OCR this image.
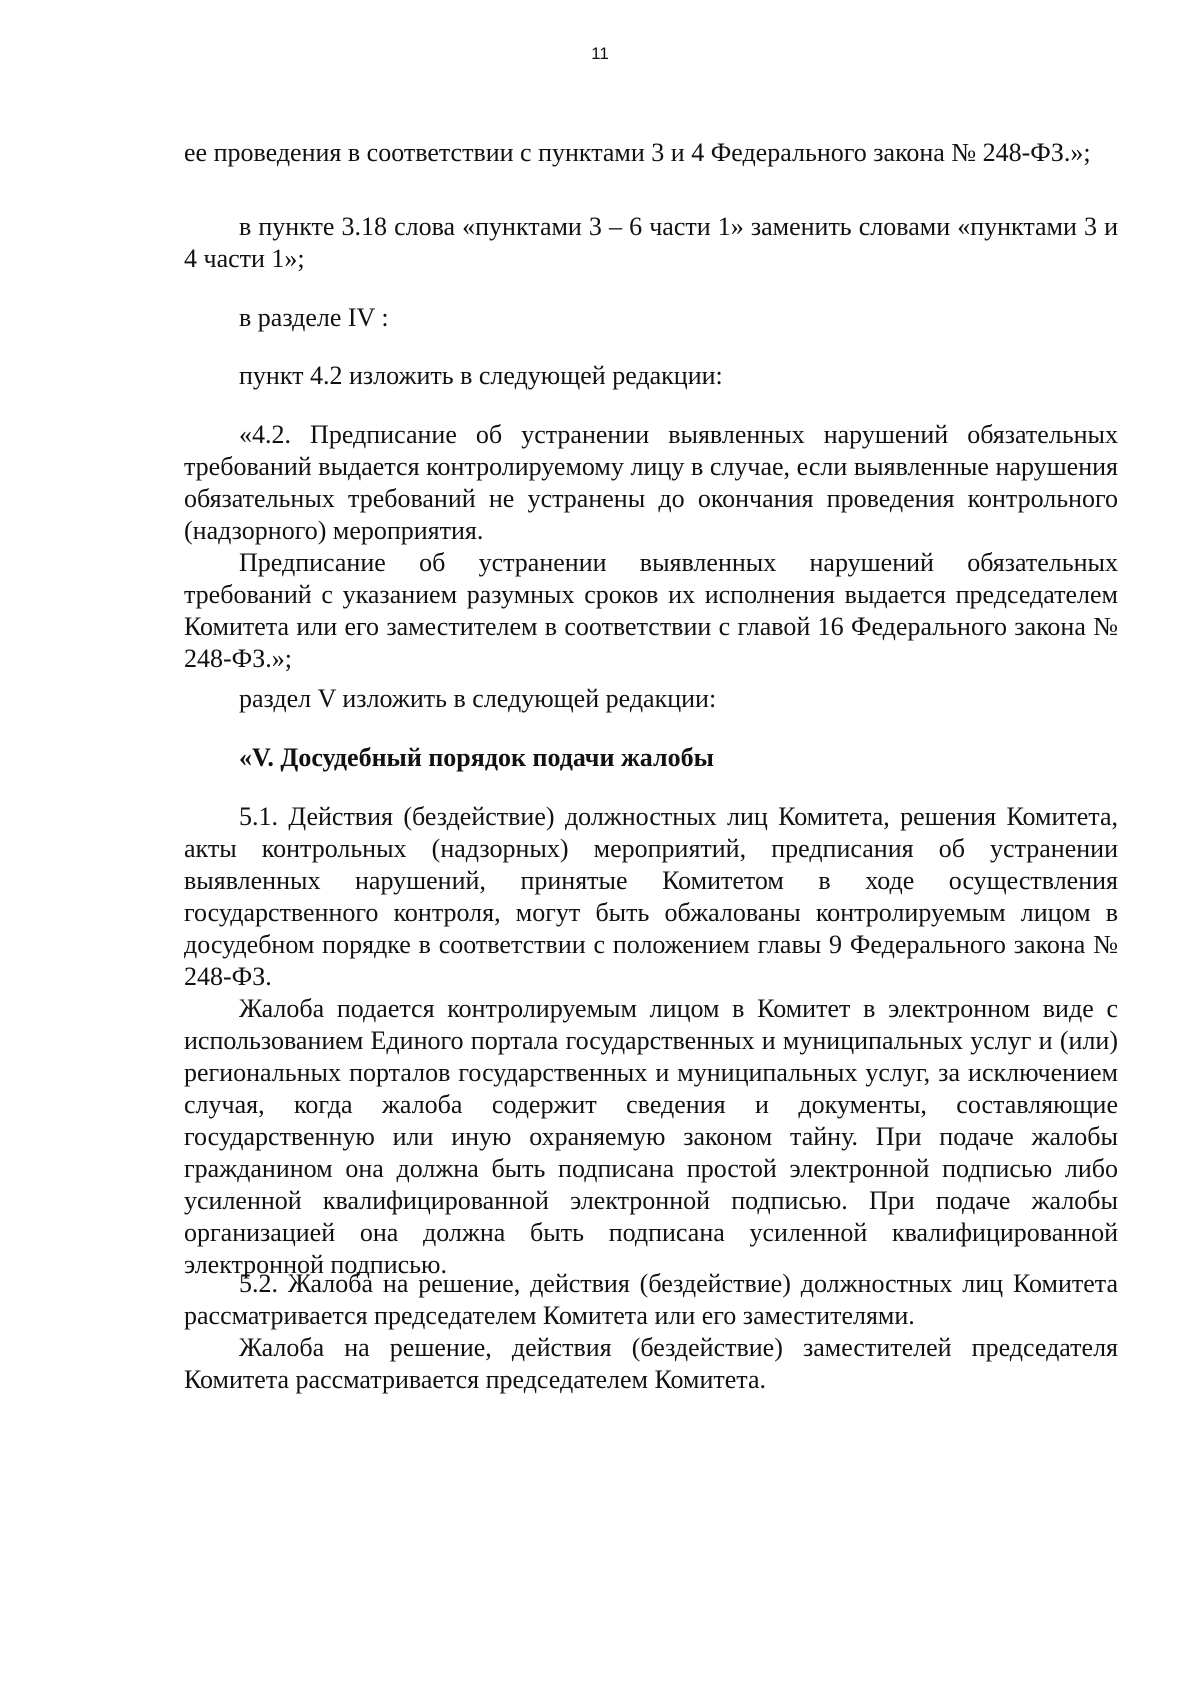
11

ее проведения в соответствии с пунктами 3 и 4 Федерального закона № 248-ФЗ.»;

в пункте 3.18 слова «пунктами 3 – 6 части 1» заменить словами «пунктами 3 и 4 части 1»;

в разделе IV :

пункт 4.2 изложить в следующей редакции:

«4.2. Предписание об устранении выявленных нарушений обязательных требований выдается контролируемому лицу в случае, если выявленные нарушения обязательных требований не устранены до окончания проведения контрольного (надзорного) мероприятия.

Предписание об устранении выявленных нарушений обязательных требований с указанием разумных сроков их исполнения выдается председателем Комитета или его заместителем в соответствии с главой 16 Федерального закона № 248-ФЗ.»;

раздел V изложить в следующей редакции:

«V. Досудебный порядок подачи жалобы

5.1. Действия (бездействие) должностных лиц Комитета, решения Комитета, акты контрольных (надзорных) мероприятий, предписания об устранении выявленных нарушений, принятые Комитетом в ходе осуществления государственного контроля, могут быть обжалованы контролируемым лицом в досудебном порядке в соответствии с положением главы 9 Федерального закона № 248-ФЗ.

Жалоба подается контролируемым лицом в Комитет в электронном виде с использованием Единого портала государственных и муниципальных услуг и (или) региональных порталов государственных и муниципальных услуг, за исключением случая, когда жалоба содержит сведения и документы, составляющие государственную или иную охраняемую законом тайну. При подаче жалобы гражданином она должна быть подписана простой электронной подписью либо усиленной квалифицированной электронной подписью. При подаче жалобы организацией она должна быть подписана усиленной квалифицированной электронной подписью.

5.2. Жалоба на решение, действия (бездействие) должностных лиц Комитета рассматривается председателем Комитета или его заместителями.

Жалоба на решение, действия (бездействие) заместителей председателя Комитета рассматривается председателем Комитета.
